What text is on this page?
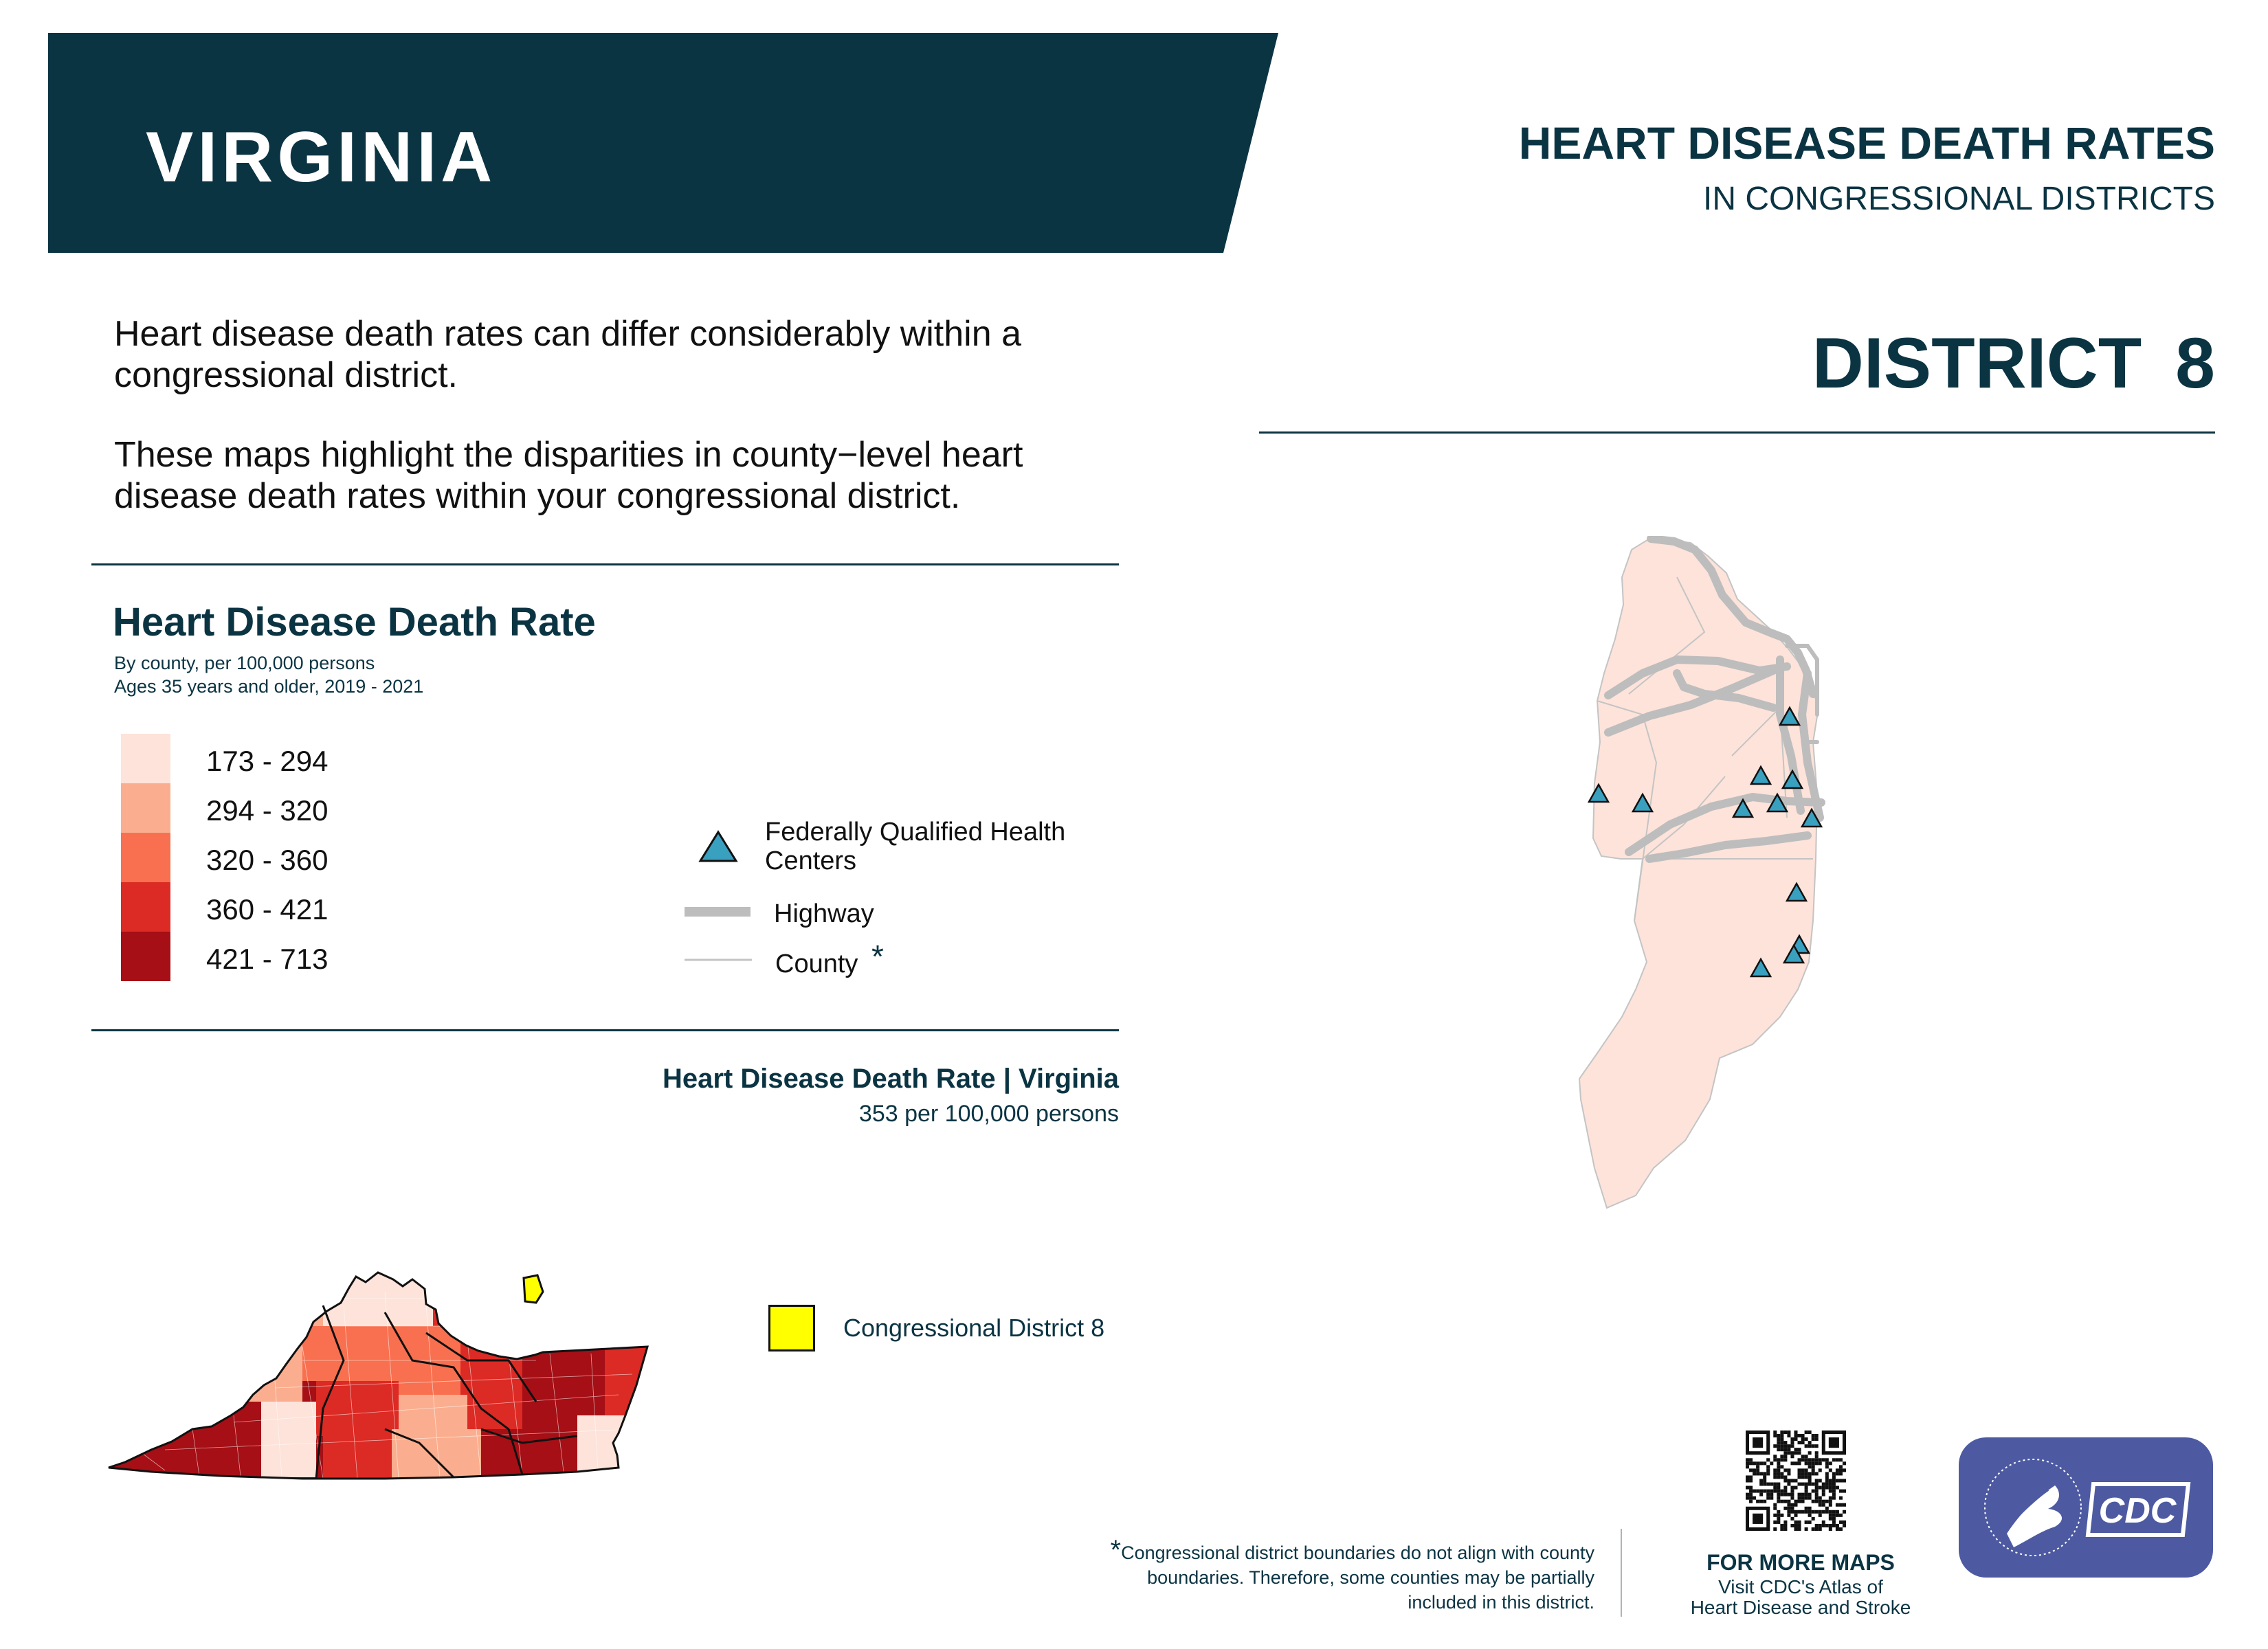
VIRGINIA	HEART DISEASE DEATH RATES
IN CONGRESSIONAL DISTRICTS
DISTRICT 8
Heart disease death rates can differ considerably within a congressional district.
These maps highlight the disparities in county−level heart disease death rates within your congressional district.
Heart Disease Death Rate
By county, per 100,000 persons
Ages 35 years and older, 2019 - 2021
173 - 294
294 - 320
320 - 360
360 - 421
421 - 713
Federally Qualified Health Centers
Highway
County *
Heart Disease Death Rate | Virginia
353 per 100,000 persons
Congressional District 8
*Congressional district boundaries do not align with county boundaries. Therefore, some counties may be partially included in this district.
FOR MORE MAPS
Visit CDC's Atlas of
Heart Disease and Stroke
CDC
